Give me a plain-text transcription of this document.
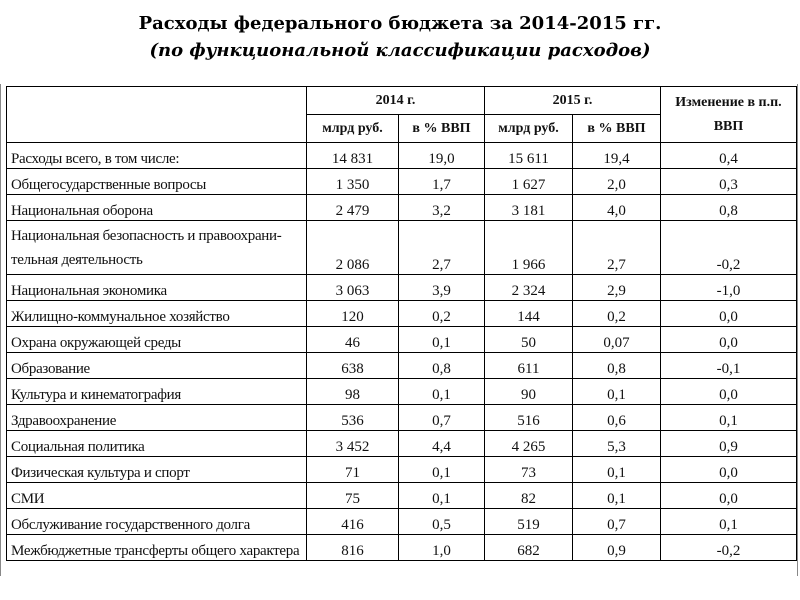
Расходы федерального бюджета за 2014-2015 гг.
(по функциональной классификации расходов)
	2014 г.		2015 г.		Изменение в п.п. ВВП
	млрд руб.	в % ВВП	млрд руб.	в % ВВП	
Расходы всего, в том числе:	14 831	19,0	15 611	19,4	0,4
Общегосударственные вопросы	1 350	1,7	1 627	2,0	0,3
Национальная оборона	2 479	3,2	3 181	4,0	0,8
Национальная безопасность и правоохрани-тельная деятельность	2 086	2,7	1 966	2,7	-0,2
Национальная экономика	3 063	3,9	2 324	2,9	-1,0
Жилищно-коммунальное хозяйство	120	0,2	144	0,2	0,0
Охрана окружающей среды	46	0,1	50	0,07	0,0
Образование	638	0,8	611	0,8	-0,1
Культура и кинематография	98	0,1	90	0,1	0,0
Здравоохранение	536	0,7	516	0,6	0,1
Социальная политика	3 452	4,4	4 265	5,3	0,9
Физическая культура и спорт	71	0,1	73	0,1	0,0
СМИ	75	0,1	82	0,1	0,0
Обслуживание государственного долга	416	0,5	519	0,7	0,1
Межбюджетные трансферты общего характера	816	1,0	682	0,9	-0,2
